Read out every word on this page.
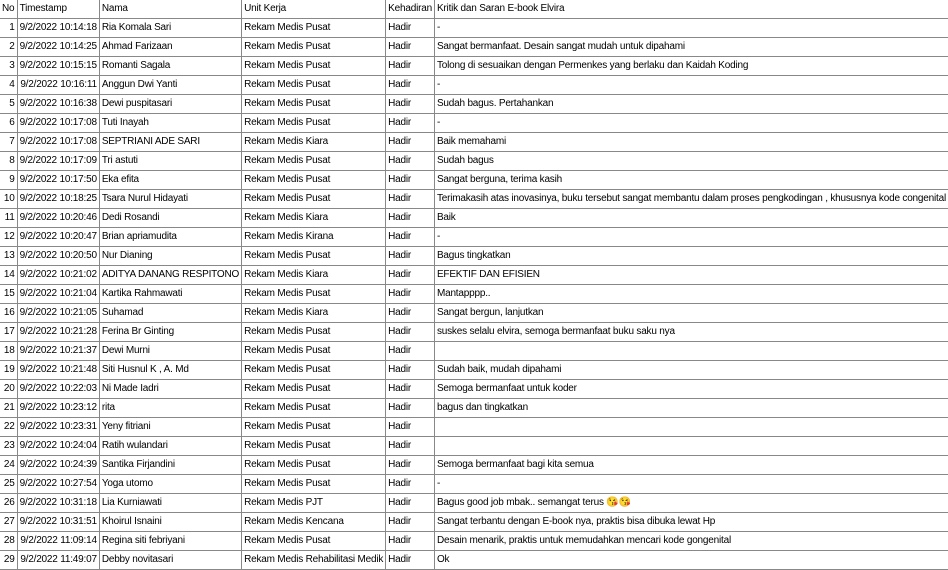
No	Timestamp	Nama	Unit Kerja	Kehadiran	Kritik dan Saran E-book Elvira
1	9/2/2022 10:14:18	Ria Komala Sari	Rekam Medis Pusat	Hadir	-
2	9/2/2022 10:14:25	Ahmad Farizaan	Rekam Medis Pusat	Hadir	Sangat bermanfaat. Desain sangat mudah untuk dipahami
3	9/2/2022 10:15:15	Romanti Sagala	Rekam Medis Pusat	Hadir	Tolong di sesuaikan dengan Permenkes yang berlaku dan Kaidah Koding
4	9/2/2022 10:16:11	Anggun Dwi Yanti	Rekam Medis Pusat	Hadir	-
5	9/2/2022 10:16:38	Dewi puspitasari	Rekam Medis Pusat	Hadir	Sudah bagus. Pertahankan
6	9/2/2022 10:17:08	Tuti Inayah	Rekam Medis Pusat	Hadir	-
7	9/2/2022 10:17:08	SEPTRIANI ADE SARI	Rekam Medis Kiara	Hadir	Baik memahami
8	9/2/2022 10:17:09	Tri astuti	Rekam Medis Pusat	Hadir	Sudah bagus
9	9/2/2022 10:17:50	Eka efita	Rekam Medis Pusat	Hadir	Sangat berguna, terima kasih
10	9/2/2022 10:18:25	Tsara Nurul Hidayati	Rekam Medis Pusat	Hadir	Terimakasih atas inovasinya, buku tersebut sangat membantu dalam proses pengkodingan , khususnya kode congenital
11	9/2/2022 10:20:46	Dedi Rosandi	Rekam Medis Kiara	Hadir	Baik
12	9/2/2022 10:20:47	Brian apriamudita	Rekam Medis Kirana	Hadir	-
13	9/2/2022 10:20:50	Nur Dianing	Rekam Medis Pusat	Hadir	Bagus tingkatkan
14	9/2/2022 10:21:02	ADITYA DANANG RESPITONO	Rekam Medis Kiara	Hadir	EFEKTIF DAN EFISIEN
15	9/2/2022 10:21:04	Kartika Rahmawati	Rekam Medis Pusat	Hadir	Mantapppp..
16	9/2/2022 10:21:05	Suhamad	Rekam Medis Kiara	Hadir	Sangat bergun, lanjutkan
17	9/2/2022 10:21:28	Ferina Br Ginting	Rekam Medis Pusat	Hadir	suskes selalu elvira, semoga bermanfaat buku saku nya
18	9/2/2022 10:21:37	Dewi Murni	Rekam Medis Pusat	Hadir	
19	9/2/2022 10:21:48	Siti Husnul K , A. Md	Rekam Medis Pusat	Hadir	Sudah baik, mudah dipahami
20	9/2/2022 10:22:03	Ni Made Iadri	Rekam Medis Pusat	Hadir	Semoga bermanfaat untuk koder
21	9/2/2022 10:23:12	rita	Rekam Medis Pusat	Hadir	bagus dan tingkatkan
22	9/2/2022 10:23:31	Yeny fitriani	Rekam Medis Pusat	Hadir	
23	9/2/2022 10:24:04	Ratih wulandari	Rekam Medis Pusat	Hadir	
24	9/2/2022 10:24:39	Santika Firjandini	Rekam Medis Pusat	Hadir	Semoga bermanfaat bagi kita semua
25	9/2/2022 10:27:54	Yoga utomo	Rekam Medis Pusat	Hadir	-
26	9/2/2022 10:31:18	Lia Kurniawati	Rekam Medis PJT	Hadir	Bagus good job mbak.. semangat terus 😘😘
27	9/2/2022 10:31:51	Khoirul Isnaini	Rekam Medis Kencana	Hadir	Sangat terbantu dengan E-book nya, praktis bisa dibuka lewat Hp
28	9/2/2022 11:09:14	Regina siti febriyani	Rekam Medis Pusat	Hadir	Desain menarik, praktis untuk memudahkan mencari kode gongenital
29	9/2/2022 11:49:07	Debby novitasari	Rekam Medis Rehabilitasi Medik	Hadir	Ok
